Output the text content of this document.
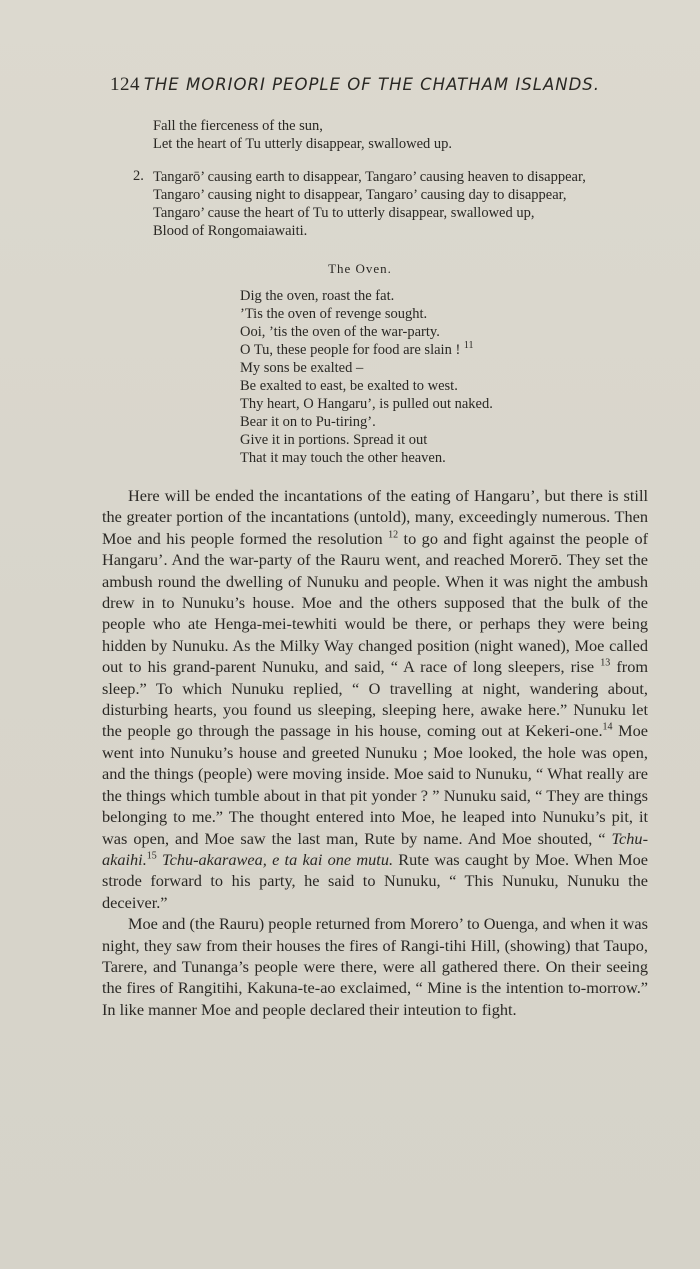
124 THE MORIORI PEOPLE OF THE CHATHAM ISLANDS.
Fall the fierceness of the sun,
Let the heart of Tu utterly disappear, swallowed up.
2. Tangarō’ causing earth to disappear, Tangaro’ causing heaven to disappear,
Tangaro’ causing night to disappear, Tangaro’ causing day to disappear,
Tangaro’ cause the heart of Tu to utterly disappear, swallowed up,
Blood of Rongomaiawaiti.
The Oven.
Dig the oven, roast the fat.
’Tis the oven of revenge sought.
Ooi, ’tis the oven of the war-party.
O Tu, these people for food are slain ! $^{11}$
My sons be exalted –
Be exalted to east, be exalted to west.
Thy heart, O Hangaru’, is pulled out naked.
Bear it on to Pu-tiring’.
Give it in portions. Spread it out
That it may touch the other heaven.

Here will be ended the incantations of the eating of Hangaru’, but there is still the greater portion of the incantations (untold), many, exceedingly numerous. Then Moe and his people formed the resolution $^{12}$ to go and fight against the people of Hangaru’. And the war-party of the Rauru went, and reached Morerō. They set the ambush round the dwelling of Nunuku and people. When it was night the ambush drew in to Nunuku’s house. Moe and the others supposed that the bulk of the people who ate Henga-mei-tewhiti would be there, or perhaps they were being hidden by Nunuku. As the Milky Way changed position (night waned), Moe called out to his grand-parent Nunuku, and said, “ A race of long sleepers, rise $^{13}$ from sleep.” To which Nunuku replied, “ O travelling at night, wandering about, disturbing hearts, you found us sleeping, sleeping here, awake here.” Nunuku let the people go through the passage in his house, coming out at Kekeri-one.$^{14}$ Moe went into Nunuku’s house and greeted Nunuku ; Moe looked, the hole was open, and the things (people) were moving inside. Moe said to Nunuku, “ What really are the things which tumble about in that pit yonder ? ” Nunuku said, “ They are things belonging to me.” The thought entered into Moe, he leaped into Nunuku’s pit, it was open, and Moe saw the last man, Rute by name. And Moe shouted, “ Tchu-akaihi.$^{15}$ Tchu-akarawea, e ta kai one mutu. Rute was caught by Moe. When Moe strode forward to his party, he said to Nunuku, “ This Nunuku, Nunuku the deceiver.”

Moe and (the Rauru) people returned from Morero’ to Ouenga, and when it was night, they saw from their houses the fires of Rangi-tihi Hill, (showing) that Taupo, Tarere, and Tunanga’s people were there, were all gathered there. On their seeing the fires of Rangitihi, Kakuna-te-ao exclaimed, “ Mine is the intention to-morrow.” In like manner Moe and people declared their inteution to fight.
